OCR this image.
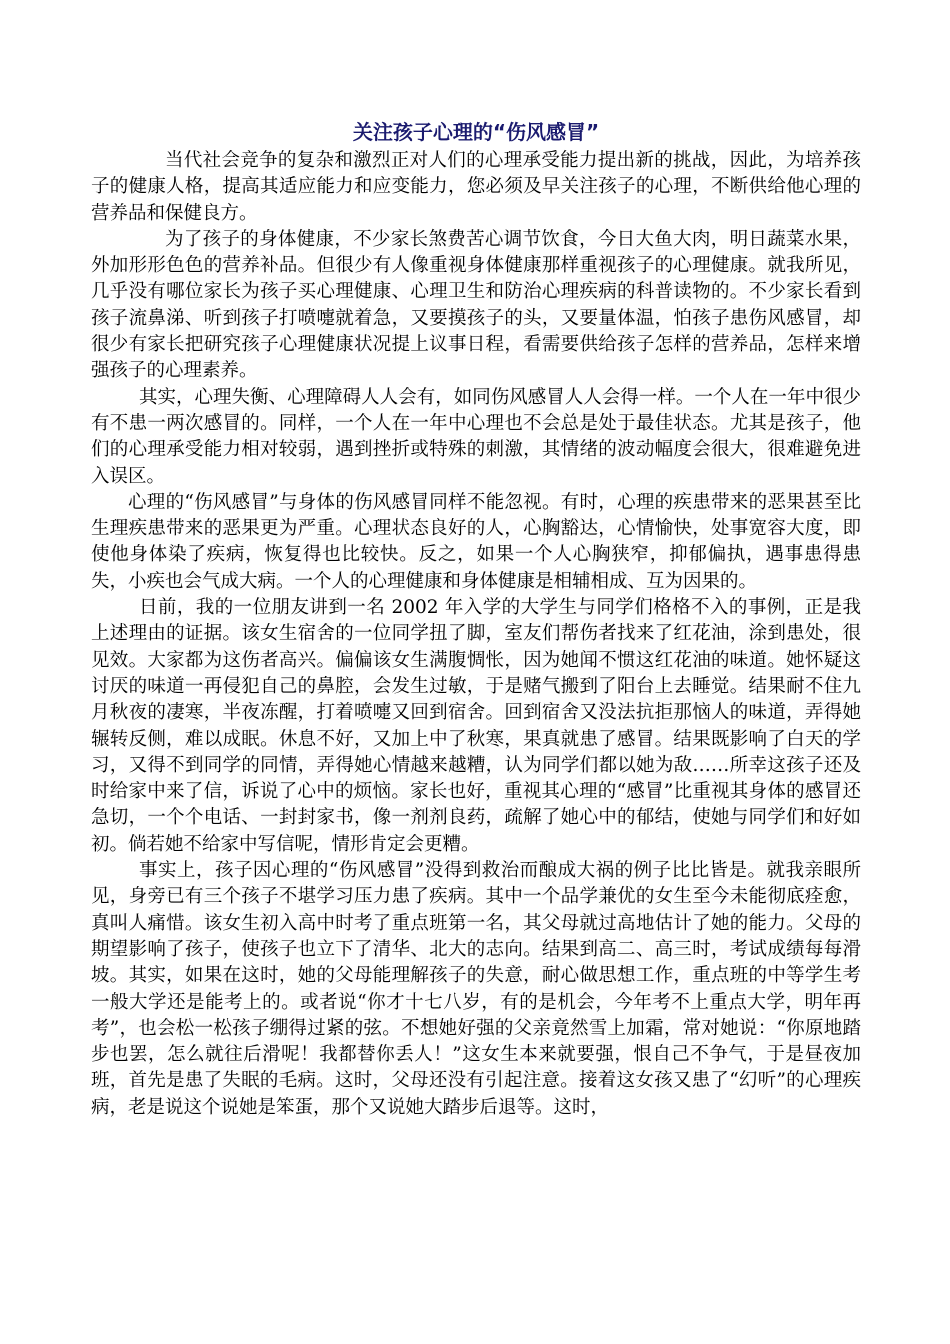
关注孩子心理的“伤风感冒”

当代社会竞争的复杂和激烈正对人们的心理承受能力提出新的挑战，因此，为培养孩子的健康人格，提高其适应能力和应变能力，您必须及早关注孩子的心理，不断供给他心理的营养品和保健良方。

为了孩子的身体健康，不少家长煞费苦心调节饮食，今日大鱼大肉，明日蔬菜水果，外加形形色色的营养补品。但很少有人像重视身体健康那样重视孩子的心理健康。就我所见，几乎没有哪位家长为孩子买心理健康、心理卫生和防治心理疾病的科普读物的。不少家长看到孩子流鼻涕、听到孩子打喷嚏就着急，又要摸孩子的头，又要量体温，怕孩子患伤风感冒，却很少有家长把研究孩子心理健康状况提上议事日程，看需要供给孩子怎样的营养品，怎样来增强孩子的心理素养。

其实，心理失衡、心理障碍人人会有，如同伤风感冒人人会得一样。一个人在一年中很少有不患一两次感冒的。同样，一个人在一年中心理也不会总是处于最佳状态。尤其是孩子，他们的心理承受能力相对较弱，遇到挫折或特殊的刺激，其情绪的波动幅度会很大，很难避免进入误区。

心理的“伤风感冒”与身体的伤风感冒同样不能忽视。有时，心理的疾患带来的恶果甚至比生理疾患带来的恶果更为严重。心理状态良好的人，心胸豁达，心情愉快，处事宽容大度，即使他身体染了疾病，恢复得也比较快。反之，如果一个人心胸狭窄，抑郁偏执，遇事患得患失，小疾也会气成大病。一个人的心理健康和身体健康是相辅相成、互为因果的。

日前，我的一位朋友讲到一名 2002 年入学的大学生与同学们格格不入的事例，正是我上述理由的证据。该女生宿舍的一位同学扭了脚，室友们帮伤者找来了红花油，涂到患处，很见效。大家都为这伤者高兴。偏偏该女生满腹惆怅，因为她闻不惯这红花油的味道。她怀疑这讨厌的味道一再侵犯自己的鼻腔，会发生过敏，于是赌气搬到了阳台上去睡觉。结果耐不住九月秋夜的凄寒，半夜冻醒，打着喷嚏又回到宿舍。回到宿舍又没法抗拒那恼人的味道，弄得她辗转反侧，难以成眠。休息不好，又加上中了秋寒，果真就患了感冒。结果既影响了白天的学习，又得不到同学的同情，弄得她心情越来越糟，认为同学们都以她为敌……所幸这孩子还及时给家中来了信，诉说了心中的烦恼。家长也好，重视其心理的“感冒”比重视其身体的感冒还急切，一个个电话、一封封家书，像一剂剂良药，疏解了她心中的郁结，使她与同学们和好如初。倘若她不给家中写信呢，情形肯定会更糟。

事实上，孩子因心理的“伤风感冒”没得到救治而酿成大祸的例子比比皆是。就我亲眼所见，身旁已有三个孩子不堪学习压力患了疾病。其中一个品学兼优的女生至今未能彻底痊愈，真叫人痛惜。该女生初入高中时考了重点班第一名，其父母就过高地估计了她的能力。父母的期望影响了孩子，使孩子也立下了清华、北大的志向。结果到高二、高三时，考试成绩每每滑坡。其实，如果在这时，她的父母能理解孩子的失意，耐心做思想工作，重点班的中等学生考一般大学还是能考上的。或者说“你才十七八岁，有的是机会，今年考不上重点大学，明年再考”，也会松一松孩子绷得过紧的弦。不想她好强的父亲竟然雪上加霜，常对她说：“你原地踏步也罢，怎么就往后滑呢！我都替你丢人！”这女生本来就要强，恨自己不争气，于是昼夜加班，首先是患了失眠的毛病。这时，父母还没有引起注意。接着这女孩又患了“幻听”的心理疾病，老是说这个说她是笨蛋，那个又说她大踏步后退等。这时，
